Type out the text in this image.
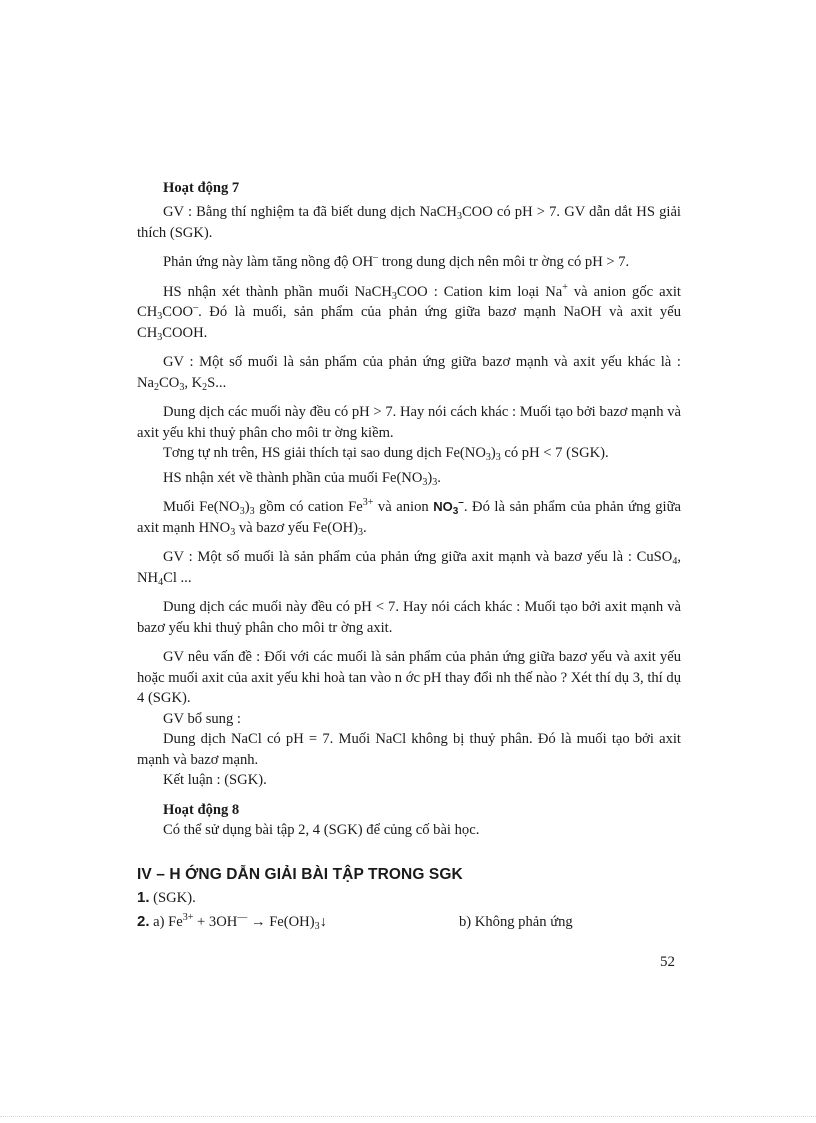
Hoạt động 7

GV : Bằng thí nghiệm ta đã biết dung dịch NaCH$_3$COO có pH > 7. GV dẫn dắt HS giải thích (SGK).

Phản ứng này làm tăng nồng độ OH– trong dung dịch nên môi tr ờng có pH > 7.

HS nhận xét thành phần muối NaCH$_3$COO : Cation kim loại Na+ và anion gốc axit $CH_3COO^-$. Đó là muối, sản phẩm của phản ứng giữa bazơ mạnh NaOH và axit yếu $CH_3COOH$.

GV : Một số muối là sản phẩm của phản ứng giữa bazơ mạnh và axit yếu khác là : $Na_2CO_3$, $K_2S$...

Dung dịch các muối này đều có pH > 7. Hay nói cách khác : Muối tạo bởi bazơ mạnh và axit yếu khi thuỷ phân cho môi tr ờng kiềm.

Tơng tự nh trên, HS giải thích tại sao dung dịch $Fe(NO_3)_3$ có pH < 7 (SGK).

HS nhận xét về thành phần của muối $Fe(NO_3)_3$.

Muối $Fe(NO_3)_3$ gồm có cation $Fe^{3+}$ và anion $NO_3^-$. Đó là sản phẩm của phản ứng giữa axit mạnh $HNO_3$ và bazơ yếu $Fe(OH)_3$.

GV : Một số muối là sản phẩm của phản ứng giữa axit mạnh và bazơ yếu là : CuSO$_4$, $NH_4Cl$ ...

Dung dịch các muối này đều có pH < 7. Hay nói cách khác : Muối tạo bởi axit mạnh và bazơ yếu khi thuỷ phân cho môi tr ờng axit.

GV nêu vấn đề : Đối với các muối là sản phẩm của phản ứng giữa bazơ yếu và axit yếu hoặc muối axit của axit yếu khi hoà tan vào n ớc pH thay đổi nh thế nào ? Xét thí dụ 3, thí dụ 4 (SGK).

GV bổ sung :

Dung dịch NaCl có pH = 7. Muối NaCl không bị thuỷ phân. Đó là muối tạo bởi axit mạnh và bazơ mạnh.

Kết luận : (SGK).

Hoạt động 8

Có thể sử dụng bài tập 2, 4 (SGK) để củng cố bài học.

IV – H ỚNG DẪN GIẢI BÀI TẬP TRONG SGK
1. (SGK).
2. a) $Fe^{3+} + 3OH^—$ → $Fe(OH)_3↓$	b) Không phản ứng
52
